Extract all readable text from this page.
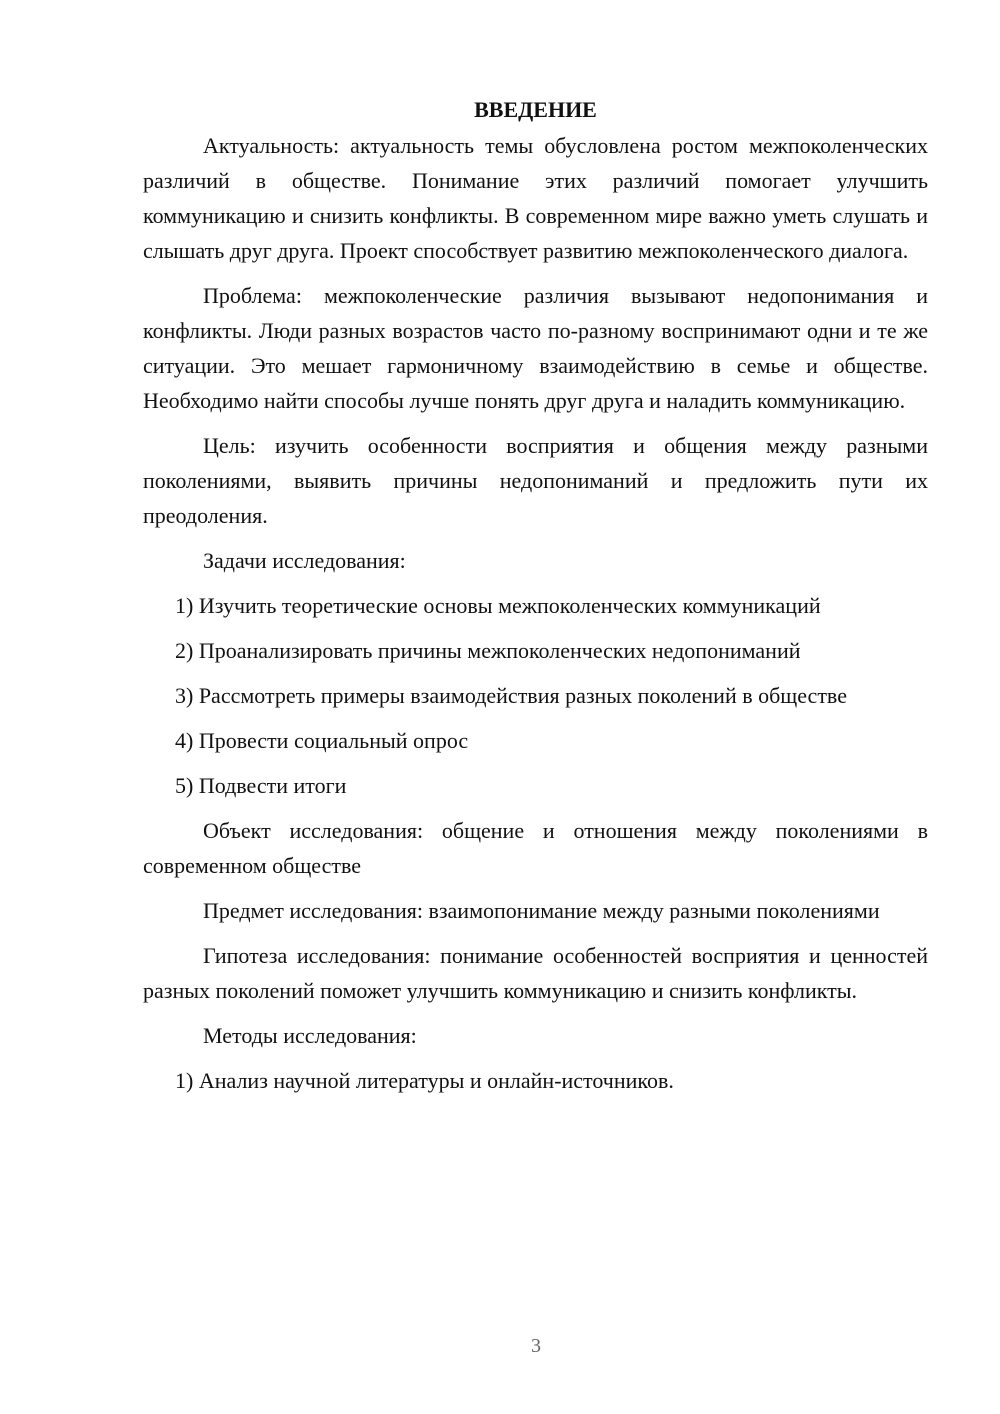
ВВЕДЕНИЕ

Актуальность: актуальность темы обусловлена ростом межпоколенческих различий в обществе. Понимание этих различий помогает улучшить коммуникацию и снизить конфликты. В современном мире важно уметь слушать и слышать друг друга. Проект способствует развитию межпоколенческого диалога.

Проблема: межпоколенческие различия вызывают недопонимания и конфликты. Люди разных возрастов часто по-разному воспринимают одни и те же ситуации. Это мешает гармоничному взаимодействию в семье и обществе. Необходимо найти способы лучше понять друг друга и наладить коммуникацию.

Цель: изучить особенности восприятия и общения между разными поколениями, выявить причины недопониманий и предложить пути их преодоления.

Задачи исследования:

1) Изучить теоретические основы межпоколенческих коммуникаций

2) Проанализировать причины межпоколенческих недопониманий

3) Рассмотреть примеры взаимодействия разных поколений в обществе

4) Провести социальный опрос

5) Подвести итоги

Объект исследования: общение и отношения между поколениями в современном обществе

Предмет исследования: взаимопонимание между разными поколениями

Гипотеза исследования: понимание особенностей восприятия и ценностей разных поколений поможет улучшить коммуникацию и снизить конфликты.

Методы исследования:

1) Анализ научной литературы и онлайн-источников.

3
